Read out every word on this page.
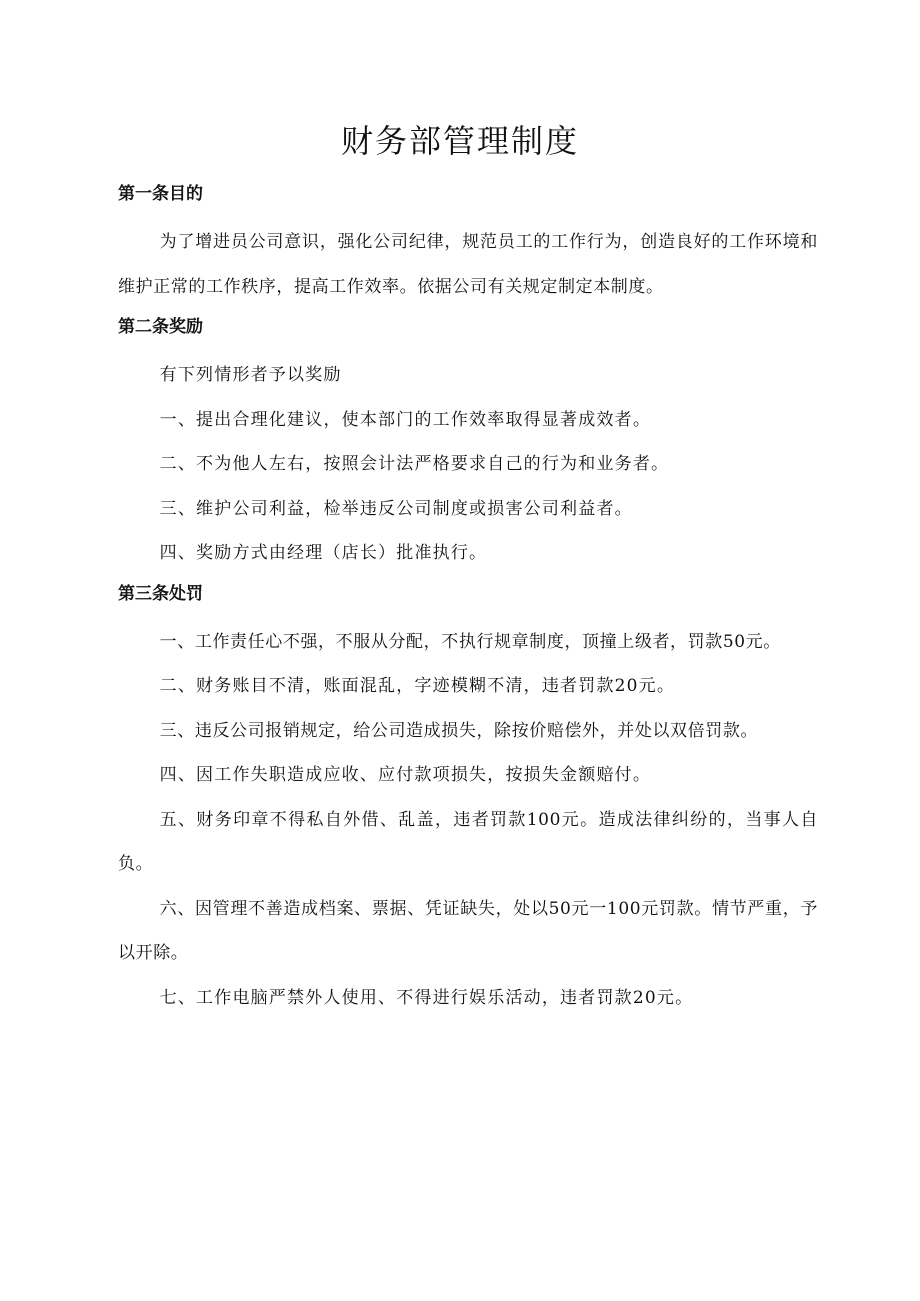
财务部管理制度
第一条目的

为了增进员公司意识，强化公司纪律，规范员工的工作行为，创造良好的工作环境和维护正常的工作秩序，提高工作效率。依据公司有关规定制定本制度。

第二条奖励

有下列情形者予以奖励

一、提出合理化建议，使本部门的工作效率取得显著成效者。

二、不为他人左右，按照会计法严格要求自己的行为和业务者。

三、维护公司利益，检举违反公司制度或损害公司利益者。

四、奖励方式由经理（店长）批准执行。

第三条处罚

一、工作责任心不强，不服从分配，不执行规章制度，顶撞上级者，罚款50元。

二、财务账目不清，账面混乱，字迹模糊不清，违者罚款20元。

三、违反公司报销规定，给公司造成损失，除按价赔偿外，并处以双倍罚款。

四、因工作失职造成应收、应付款项损失，按损失金额赔付。

五、财务印章不得私自外借、乱盖，违者罚款100元。造成法律纠纷的，当事人自负。

六、因管理不善造成档案、票据、凭证缺失，处以50元一100元罚款。情节严重，予以开除。

七、工作电脑严禁外人使用、不得进行娱乐活动，违者罚款20元。
